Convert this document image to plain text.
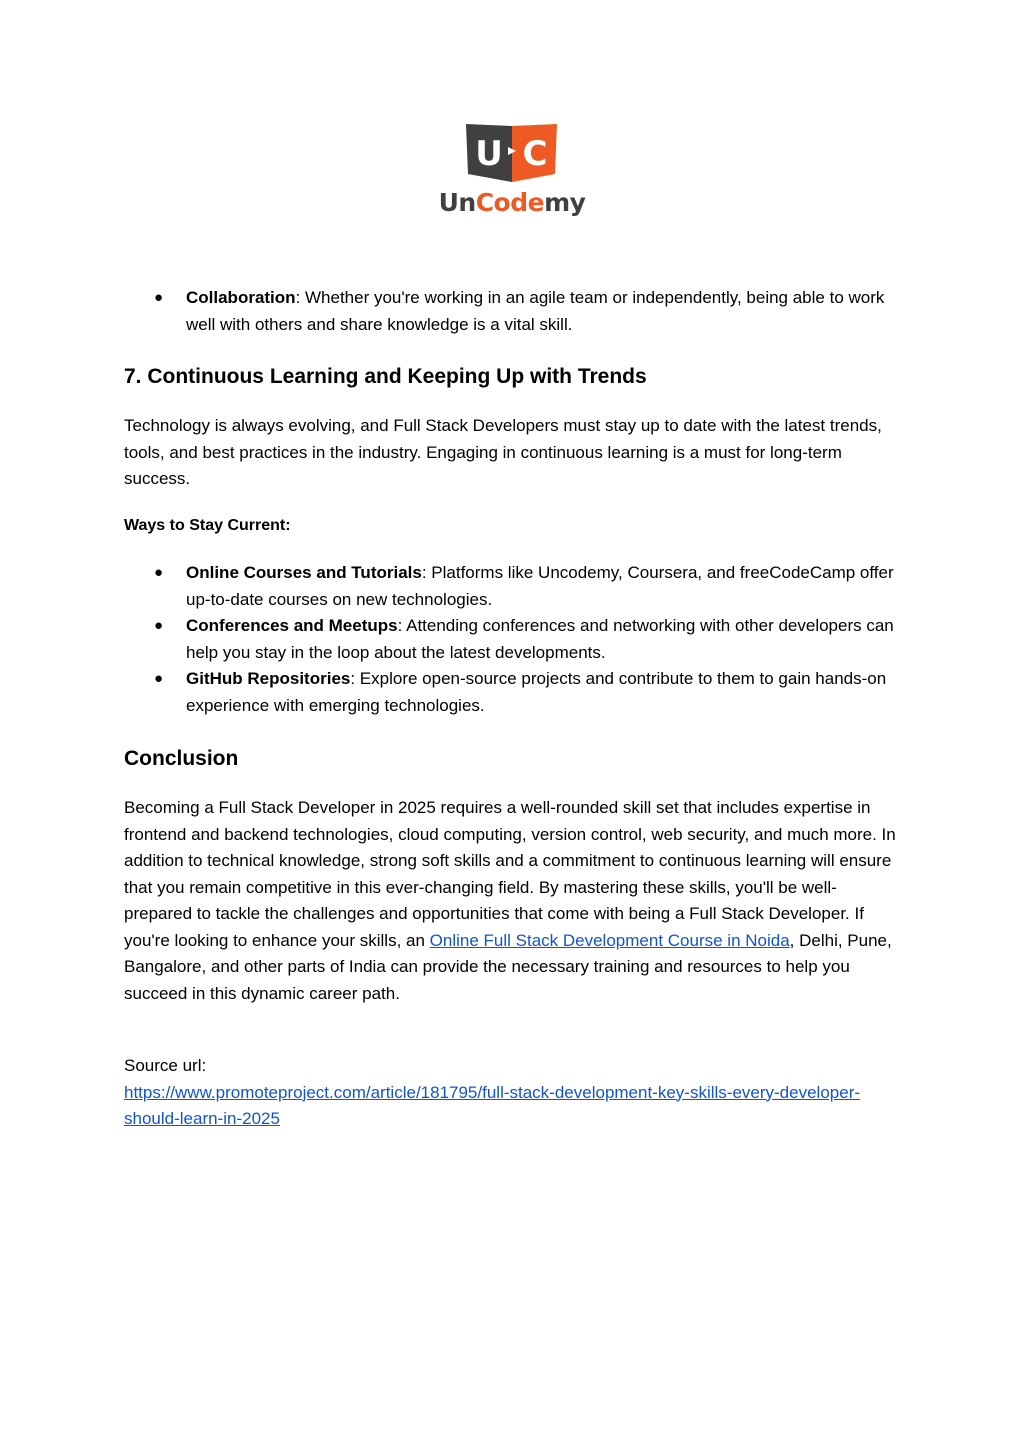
U C
UnCodemy
● Collaboration: Whether you're working in an agile team or independently, being able to work well with others and share knowledge is a vital skill.
7. Continuous Learning and Keeping Up with Trends

Technology is always evolving, and Full Stack Developers must stay up to date with the latest trends, tools, and best practices in the industry. Engaging in continuous learning is a must for long-term success.

Ways to Stay Current:

● Online Courses and Tutorials: Platforms like Uncodemy, Coursera, and freeCodeCamp offer up-to-date courses on new technologies.
● Conferences and Meetups: Attending conferences and networking with other developers can help you stay in the loop about the latest developments.
● GitHub Repositories: Explore open-source projects and contribute to them to gain hands-on experience with emerging technologies.
Conclusion

Becoming a Full Stack Developer in 2025 requires a well-rounded skill set that includes expertise in frontend and backend technologies, cloud computing, version control, web security, and much more. In addition to technical knowledge, strong soft skills and a commitment to continuous learning will ensure that you remain competitive in this ever-changing field. By mastering these skills, you'll be well-prepared to tackle the challenges and opportunities that come with being a Full Stack Developer. If you're looking to enhance your skills, an Online Full Stack Development Course in Noida, Delhi, Pune, Bangalore, and other parts of India can provide the necessary training and resources to help you succeed in this dynamic career path.

Source url:
https://www.promoteproject.com/article/181795/full-stack-development-key-skills-every-developer-should-learn-in-2025
